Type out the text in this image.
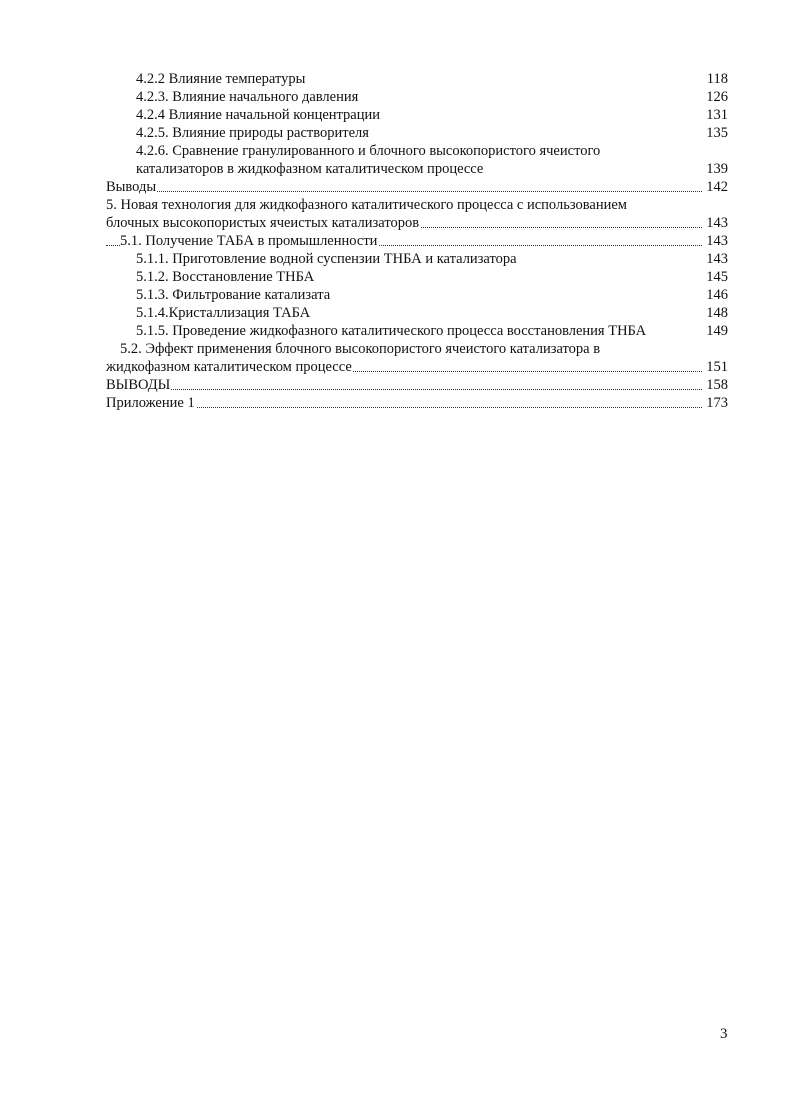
4.2.2 Влияние температуры	118
4.2.3. Влияние начального давления	126
4.2.4 Влияние начальной концентрации	131
4.2.5. Влияние природы растворителя	135
4.2.6. Сравнение гранулированного и блочного высокопористого ячеистого
катализаторов в жидкофазном каталитическом процессе	139
Выводы	142
5. Новая технология для жидкофазного каталитического процесса с использованием
блочных высокопористых ячеистых катализаторов	143
5.1. Получение ТАБА в промышленности	143
5.1.1. Приготовление водной суспензии ТНБА и катализатора	143
5.1.2. Восстановление ТНБА	145
5.1.3. Фильтрование катализата	146
5.1.4.Кристаллизация ТАБА	148
5.1.5. Проведение жидкофазного каталитического процесса восстановления ТНБА	149
5.2. Эффект применения блочного высокопористого ячеистого катализатора в
жидкофазном каталитическом процессе	151
ВЫВОДЫ	158
Приложение 1	173
3
